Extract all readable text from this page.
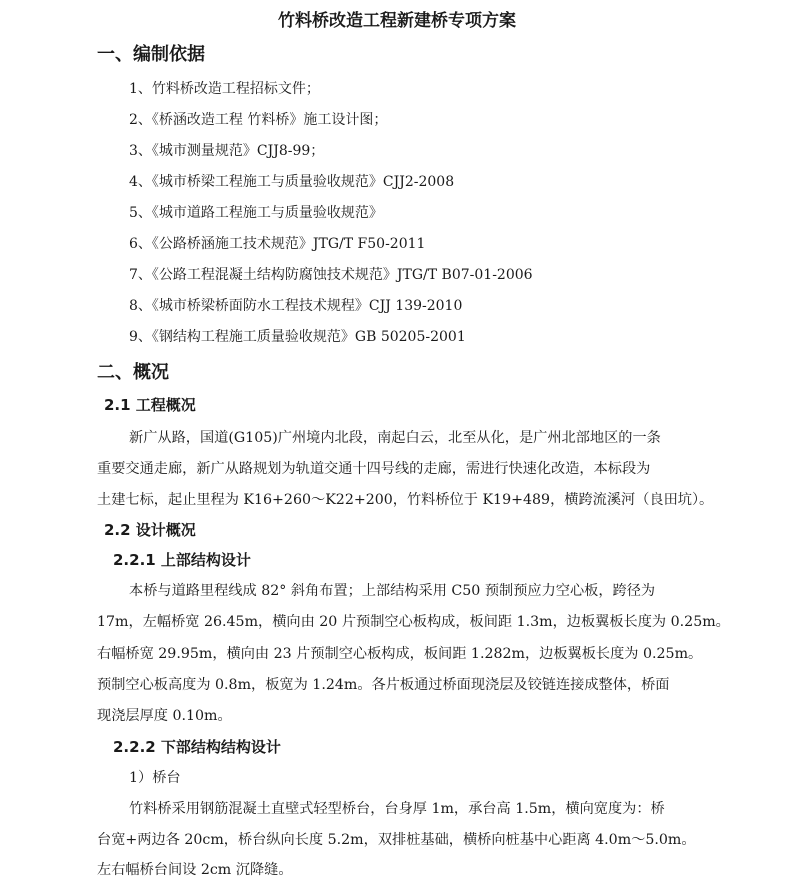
竹料桥改造工程新建桥专项方案
一、编制依据
1、竹料桥改造工程招标文件；
2、《桥涵改造工程 竹料桥》施工设计图；
3、《城市测量规范》CJJ8-99；
4、《城市桥梁工程施工与质量验收规范》CJJ2-2008
5、《城市道路工程施工与质量验收规范》
6、《公路桥涵施工技术规范》JTG/T F50-2011
7、《公路工程混凝土结构防腐蚀技术规范》JTG/T B07-01-2006
8、《城市桥梁桥面防水工程技术规程》CJJ 139-2010
9、《钢结构工程施工质量验收规范》GB 50205-2001
二、概况
2.1 工程概况
新广从路，国道(G105)广州境内北段，南起白云，北至从化，是广州北部地区的一条
重要交通走廊，新广从路规划为轨道交通十四号线的走廊，需进行快速化改造，本标段为
土建七标，起止里程为 K16+260～K22+200，竹料桥位于 K19+489，横跨流溪河（良田坑）。
2.2 设计概况
2.2.1 上部结构设计
本桥与道路里程线成 82° 斜角布置；上部结构采用 C50 预制预应力空心板，跨径为
17m，左幅桥宽 26.45m，横向由 20 片预制空心板构成，板间距 1.3m，边板翼板长度为 0.25m。
右幅桥宽 29.95m，横向由 23 片预制空心板构成，板间距 1.282m，边板翼板长度为 0.25m。
预制空心板高度为 0.8m，板宽为 1.24m。各片板通过桥面现浇层及铰链连接成整体，桥面
现浇层厚度 0.10m。
2.2.2 下部结构结构设计
1）桥台
竹料桥采用钢筋混凝土直壁式轻型桥台，台身厚 1m，承台高 1.5m，横向宽度为：桥
台宽+两边各 20cm，桥台纵向长度 5.2m，双排桩基础，横桥向桩基中心距离 4.0m～5.0m。
左右幅桥台间设 2cm 沉降缝。
